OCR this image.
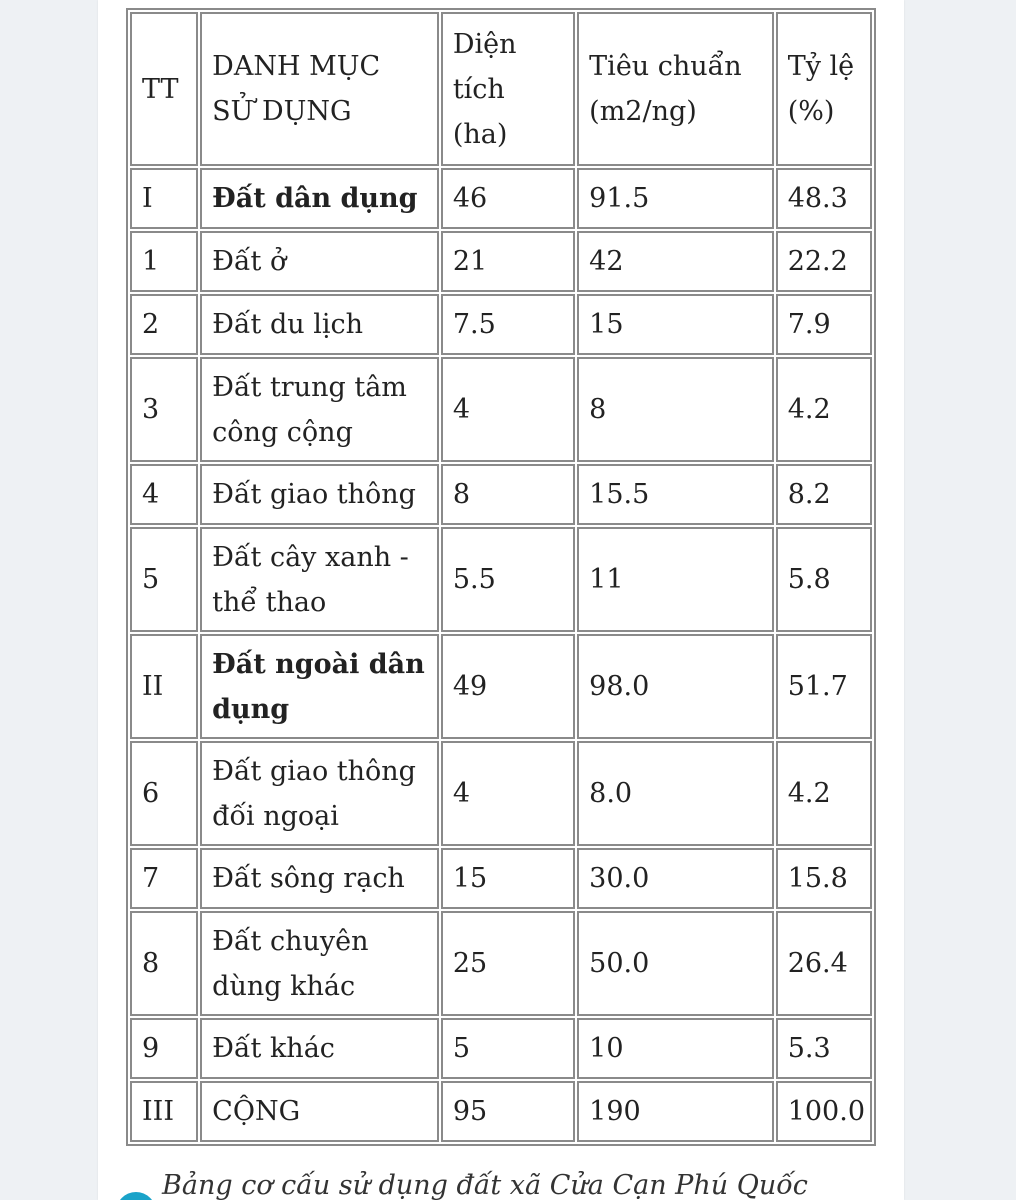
TT	DANH MỤC SỬ DỤNG	Diện tích (ha)	Tiêu chuẩn (m2/ng)	Tỷ lệ (%)
I	Đất dân dụng	46	91.5	48.3
1	Đất ở	21	42	22.2
2	Đất du lịch	7.5	15	7.9
3	Đất trung tâm công cộng	4	8	4.2
4	Đất giao thông	8	15.5	8.2
5	Đất cây xanh - thể thao	5.5	11	5.8
II	Đất ngoài dân dụng	49	98.0	51.7
6	Đất giao thông đối ngoại	4	8.0	4.2
7	Đất sông rạch	15	30.0	15.8
8	Đất chuyên dùng khác	25	50.0	26.4
9	Đất khác	5	10	5.3
III	CỘNG	95	190	100.0
Bảng cơ cấu sử dụng đất xã Cửa Cạn Phú Quốc
